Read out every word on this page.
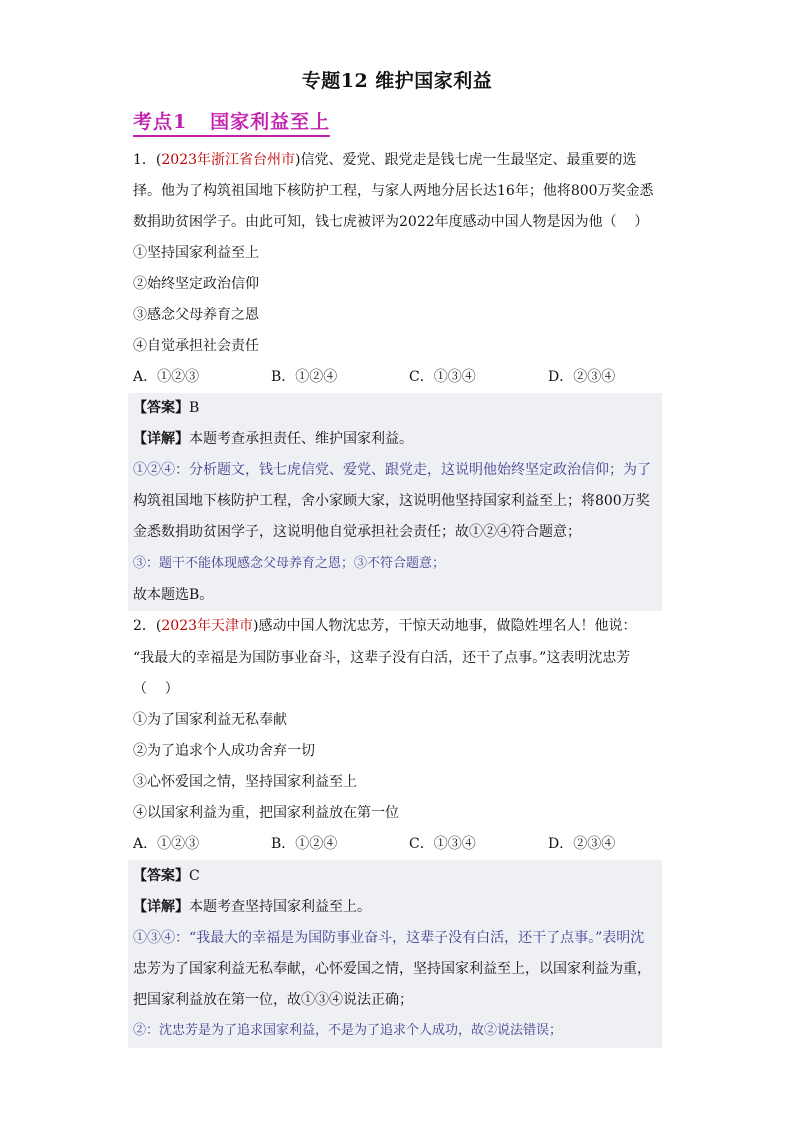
专题12 维护国家利益
考点1   国家利益至上
1．(2023年浙江省台州市)信党、爱党、跟党走是钱七虎一生最坚定、最重要的选
择。他为了构筑祖国地下核防护工程，与家人两地分居长达16年；他将800万奖金悉
数捐助贫困学子。由此可知，钱七虎被评为2022年度感动中国人物是因为他（    ）
①坚持国家利益至上
②始终坚定政治信仰
③感念父母养育之恩
④自觉承担社会责任
A．①②③	B．①②④	C．①③④	D．②③④
【答案】B
【详解】本题考查承担责任、维护国家利益。
①②④：分析题文，钱七虎信党、爱党、跟党走，这说明他始终坚定政治信仰；为了
构筑祖国地下核防护工程，舍小家顾大家，这说明他坚持国家利益至上；将800万奖
金悉数捐助贫困学子，这说明他自觉承担社会责任；故①②④符合题意；
③：题干不能体现感念父母养育之恩；③不符合题意；
故本题选B。
2．(2023年天津市)感动中国人物沈忠芳，干惊天动地事，做隐姓埋名人！他说：
“我最大的幸福是为国防事业奋斗，这辈子没有白活，还干了点事。”这表明沈忠芳
（    ）
①为了国家利益无私奉献
②为了追求个人成功舍弃一切
③心怀爱国之情，坚持国家利益至上
④以国家利益为重，把国家利益放在第一位
A．①②③	B．①②④	C．①③④	D．②③④
【答案】C
【详解】本题考查坚持国家利益至上。
①③④：“我最大的幸福是为国防事业奋斗，这辈子没有白活，还干了点事。”表明沈
忠芳为了国家利益无私奉献，心怀爱国之情，坚持国家利益至上，以国家利益为重，
把国家利益放在第一位，故①③④说法正确；
②：沈忠芳是为了追求国家利益，不是为了追求个人成功，故②说法错误；
